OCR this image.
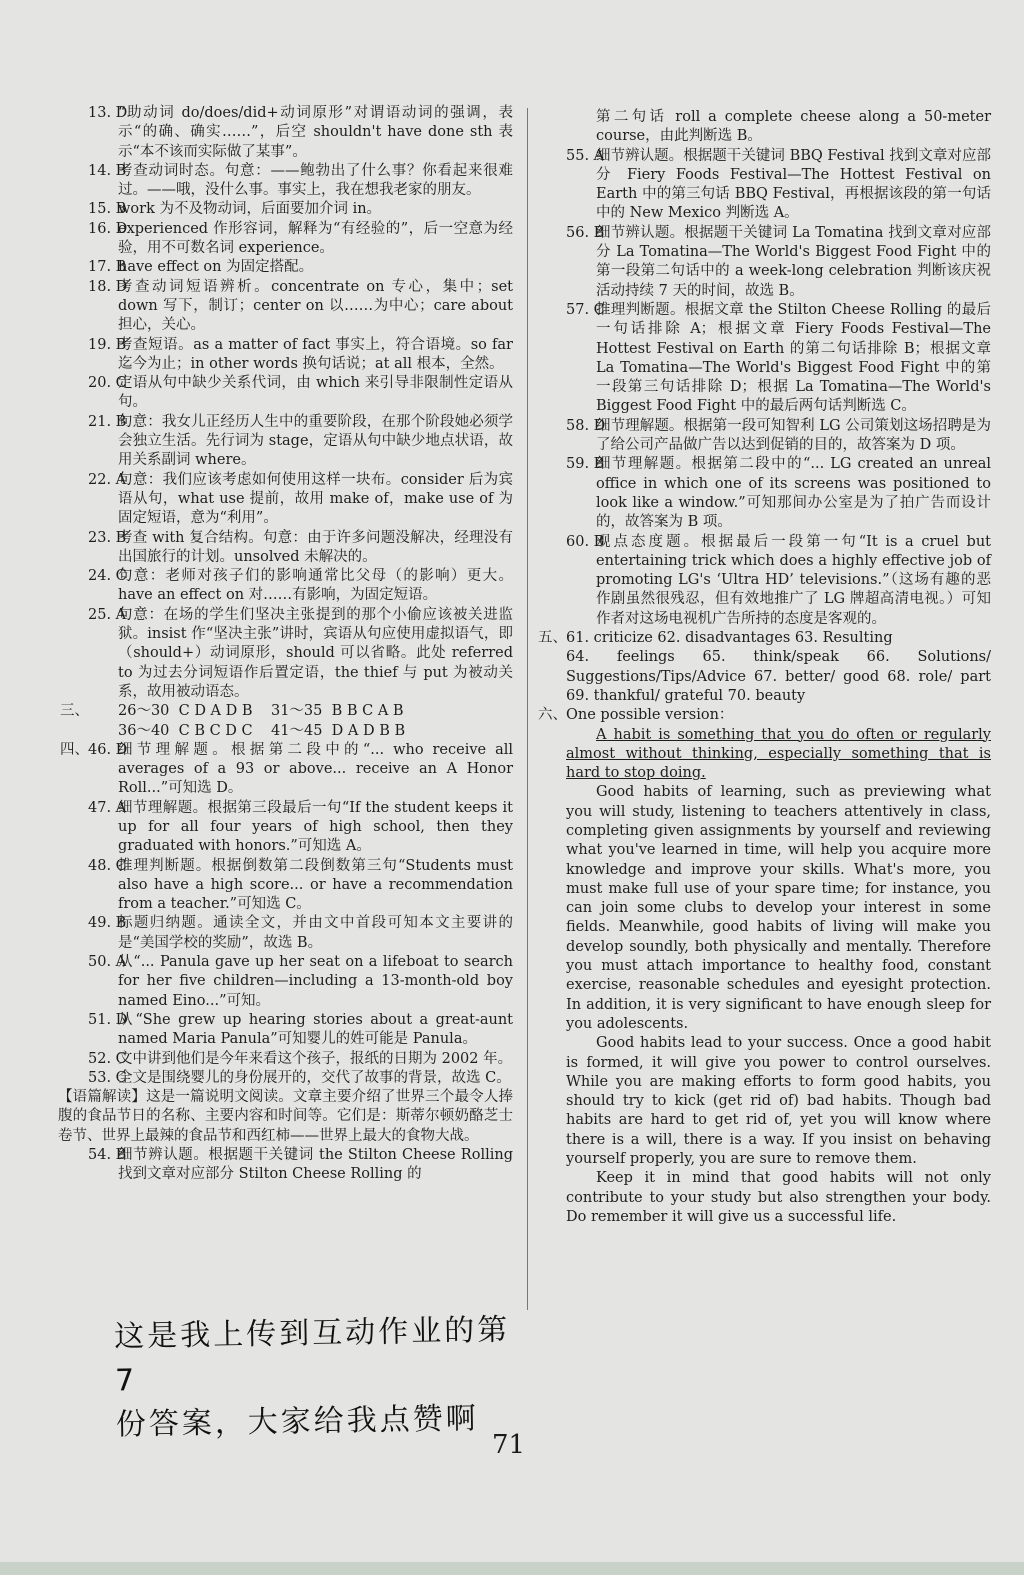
13. D
“助动词 do/does/did+动词原形”对谓语动词的强调，表示“的确、确实……”，后空 shouldn't have done sth 表示“本不该而实际做了某事”。

14. B
考查动词时态。句意：——鲍勃出了什么事？你看起来很难过。——哦，没什么事。事实上，我在想我老家的朋友。

15. B
work 为不及物动词，后面要加介词 in。

16. D
experienced 作形容词，解释为“有经验的”，后一空意为经验，用不可数名词 experience。

17. B
have effect on 为固定搭配。

18. D
考查动词短语辨析。concentrate on 专心，集中；set down 写下，制订；center on 以……为中心；care about 担心，关心。

19. B
考查短语。as a matter of fact 事实上，符合语境。so far 迄今为止；in other words 换句话说；at all 根本，全然。

20. C
定语从句中缺少关系代词，由 which 来引导非限制性定语从句。

21. B
句意：我女儿正经历人生中的重要阶段，在那个阶段她必须学会独立生活。先行词为 stage，定语从句中缺少地点状语，故用关系副词 where。

22. A
句意：我们应该考虑如何使用这样一块布。consider 后为宾语从句，what use 提前，故用 make of，make use of 为固定短语，意为“利用”。

23. B
考查 with 复合结构。句意：由于许多问题没解决，经理没有出国旅行的计划。unsolved 未解决的。

24. C
句意：老师对孩子们的影响通常比父母（的影响）更大。have an effect on 对……有影响，为固定短语。

25. A
句意：在场的学生们坚决主张提到的那个小偷应该被关进监狱。insist 作“坚决主张”讲时，宾语从句应使用虚拟语气，即（should+）动词原形，should 可以省略。此处 referred to 为过去分词短语作后置定语，the thief 与 put 为被动关系，故用被动语态。

三、 26～30  C D A D B    31～35  B B C A B

36～40  C B C D C    41～45  D A D B B

四、 46. D
细节理解题。根据第二段中的“... who receive all averages of a 93 or above... receive an A Honor Roll...”可知选 D。

47. A
细节理解题。根据第三段最后一句“If the student keeps it up for all four years of high school, then they graduated with honors.”可知选 A。

48. C
推理判断题。根据倒数第二段倒数第三句“Students must also have a high score... or have a recommendation from a teacher.”可知选 C。

49. B
标题归纳题。通读全文，并由文中首段可知本文主要讲的是“美国学校的奖励”，故选 B。

50. A
从“... Panula gave up her seat on a lifeboat to search for her five children—including a 13-month-old boy named Eino...”可知。

51. D
从“She grew up hearing stories about a great-aunt named Maria Panula”可知婴儿的姓可能是 Panula。

52. C
文中讲到他们是今年来看这个孩子，报纸的日期为 2002 年。

53. C
全文是围绕婴儿的身份展开的，交代了故事的背景，故选 C。

【语篇解读】这是一篇说明文阅读。文章主要介绍了世界三个最令人捧腹的食品节日的名称、主要内容和时间等。它们是：斯蒂尔顿奶酪芝士卷节、世界上最辣的食品节和西红柿——世界上最大的食物大战。

54. B
细节辨认题。根据题干关键词 the Stilton Cheese Rolling 找到文章对应部分 Stilton Cheese Rolling 的

第二句话 roll a complete cheese along a 50-meter course，由此判断选 B。

55. A
细节辨认题。根据题干关键词 BBQ Festival 找到文章对应部分 Fiery Foods Festival—The Hottest Festival on Earth 中的第三句话 BBQ Festival，再根据该段的第一句话中的 New Mexico 判断选 A。

56. B
细节辨认题。根据题干关键词 La Tomatina 找到文章对应部分 La Tomatina—The World's Biggest Food Fight 中的第一段第二句话中的 a week-long celebration 判断该庆祝活动持续 7 天的时间，故选 B。

57. C
推理判断题。根据文章 the Stilton Cheese Rolling 的最后一句话排除 A；根据文章 Fiery Foods Festival—The Hottest Festival on Earth 的第二句话排除 B；根据文章 La Tomatina—The World's Biggest Food Fight 中的第一段第三句话排除 D；根据 La Tomatina—The World's Biggest Food Fight 中的最后两句话判断选 C。

58. D
细节理解题。根据第一段可知智利 LG 公司策划这场招聘是为了给公司产品做广告以达到促销的目的，故答案为 D 项。

59. B
细节理解题。根据第二段中的“... LG created an unreal office in which one of its screens was positioned to look like a window.”可知那间办公室是为了拍广告而设计的，故答案为 B 项。

60. B
观点态度题。根据最后一段第一句“It is a cruel but entertaining trick which does a highly effective job of promoting LG's ‘Ultra HD’ televisions.”（这场有趣的恶作剧虽然很残忍，但有效地推广了 LG 牌超高清电视。）可知作者对这场电视机广告所持的态度是客观的。

五、 61. criticize 62. disadvantages 63. Resulting

64. feelings 65. think/speak 66. Solutions/ Suggestions/Tips/Advice 67. better/ good 68. role/ part 69. thankful/ grateful 70. beauty

六、 One possible version：

A habit is something that you do often or regularly almost without thinking, especially something that is hard to stop doing.

Good habits of learning, such as previewing what you will study, listening to teachers attentively in class, completing given assignments by yourself and reviewing what you've learned in time, will help you acquire more knowledge and improve your skills. What's more, you must make full use of your spare time; for instance, you can join some clubs to develop your interest in some fields. Meanwhile, good habits of living will make you develop soundly, both physically and mentally. Therefore you must attach importance to healthy food, constant exercise, reasonable schedules and eyesight protection. In addition, it is very significant to have enough sleep for you adolescents.

Good habits lead to your success. Once a good habit is formed, it will give you power to control ourselves. While you are making efforts to form good habits, you should try to kick (get rid of) bad habits. Though bad habits are hard to get rid of, yet you will know where there is a will, there is a way. If you insist on behaving yourself properly, you are sure to remove them.

Keep it in mind that good habits will not only contribute to your study but also strengthen your body. Do remember it will give us a successful life.

这是我上传到互动作业的第7
份答案，大家给我点赞啊

71
